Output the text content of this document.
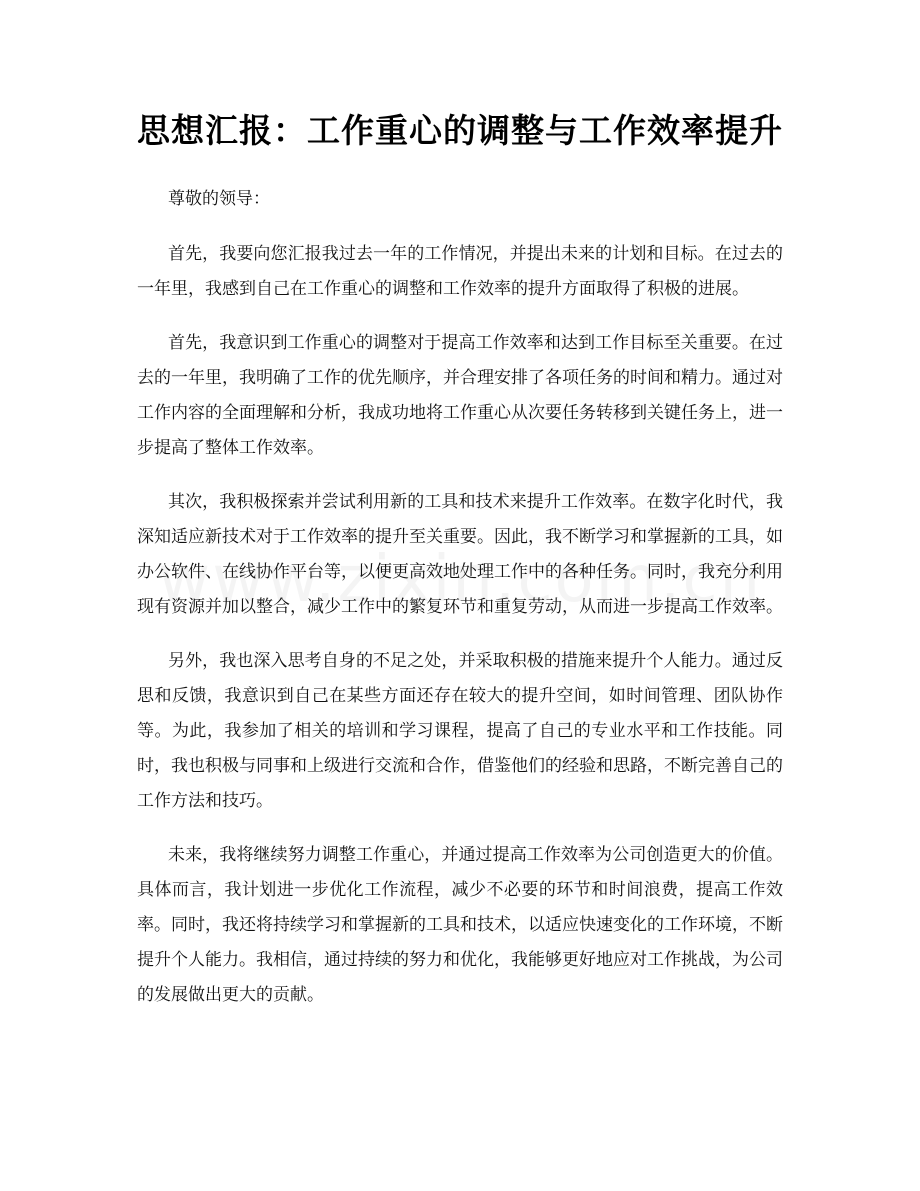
思想汇报：工作重心的调整与工作效率提升

尊敬的领导：

首先，我要向您汇报我过去一年的工作情况，并提出未来的计划和目标。在过去的一年里，我感到自己在工作重心的调整和工作效率的提升方面取得了积极的进展。

首先，我意识到工作重心的调整对于提高工作效率和达到工作目标至关重要。在过去的一年里，我明确了工作的优先顺序，并合理安排了各项任务的时间和精力。通过对工作内容的全面理解和分析，我成功地将工作重心从次要任务转移到关键任务上，进一步提高了整体工作效率。

其次，我积极探索并尝试利用新的工具和技术来提升工作效率。在数字化时代，我深知适应新技术对于工作效率的提升至关重要。因此，我不断学习和掌握新的工具，如办公软件、在线协作平台等，以便更高效地处理工作中的各种任务。同时，我充分利用现有资源并加以整合，减少工作中的繁复环节和重复劳动，从而进一步提高工作效率。

另外，我也深入思考自身的不足之处，并采取积极的措施来提升个人能力。通过反思和反馈，我意识到自己在某些方面还存在较大的提升空间，如时间管理、团队协作等。为此，我参加了相关的培训和学习课程，提高了自己的专业水平和工作技能。同时，我也积极与同事和上级进行交流和合作，借鉴他们的经验和思路，不断完善自己的工作方法和技巧。

未来，我将继续努力调整工作重心，并通过提高工作效率为公司创造更大的价值。具体而言，我计划进一步优化工作流程，减少不必要的环节和时间浪费，提高工作效率。同时，我还将持续学习和掌握新的工具和技术，以适应快速变化的工作环境，不断提升个人能力。我相信，通过持续的努力和优化，我能够更好地应对工作挑战，为公司的发展做出更大的贡献。
